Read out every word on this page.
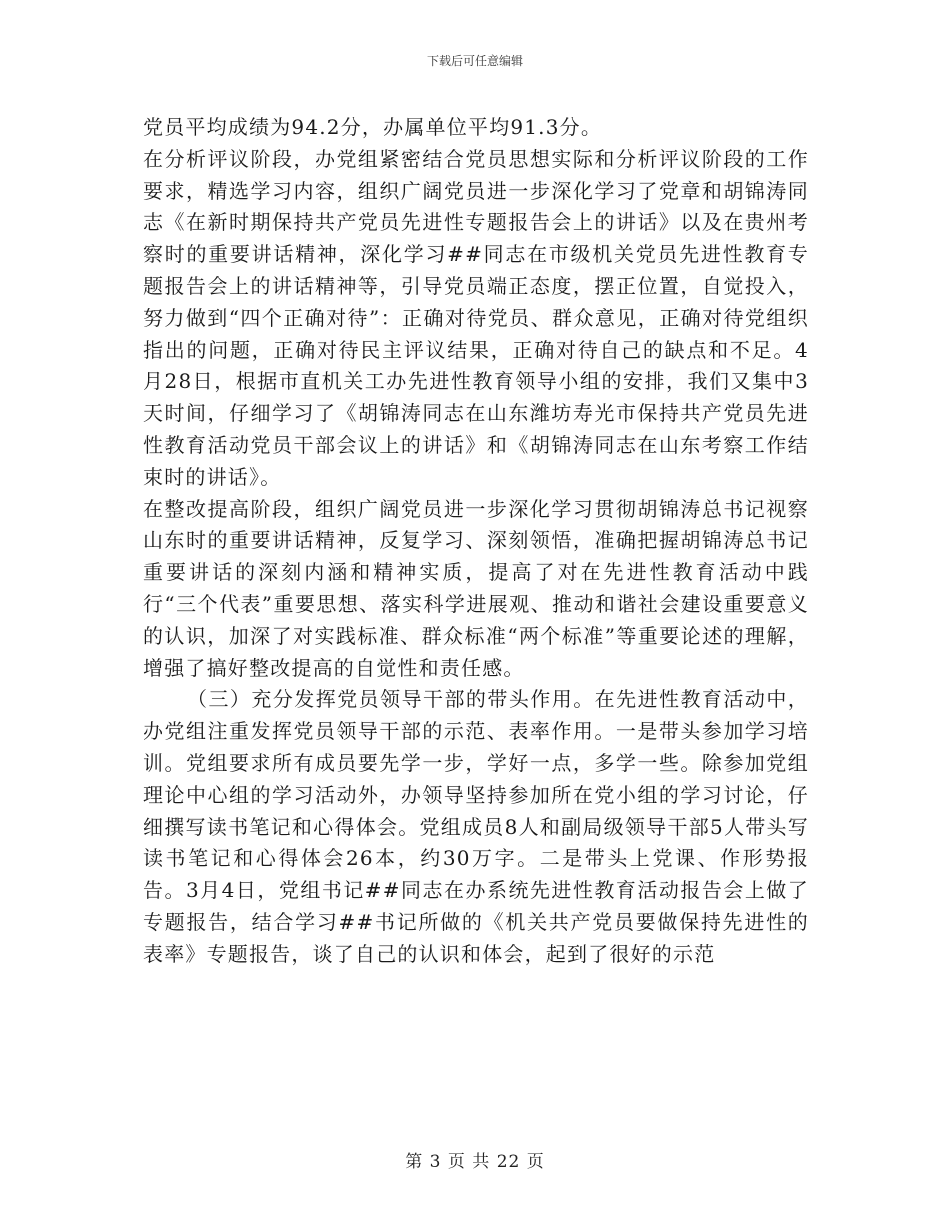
下载后可任意编辑

党员平均成绩为94.2分，办属单位平均91.3分。

在分析评议阶段，办党组紧密结合党员思想实际和分析评议阶段的工作要求，精选学习内容，组织广阔党员进一步深化学习了党章和胡锦涛同志《在新时期保持共产党员先进性专题报告会上的讲话》以及在贵州考察时的重要讲话精神，深化学习##同志在市级机关党员先进性教育专题报告会上的讲话精神等，引导党员端正态度，摆正位置，自觉投入，努力做到“四个正确对待”：正确对待党员、群众意见，正确对待党组织指出的问题，正确对待民主评议结果，正确对待自己的缺点和不足。4月28日，根据市直机关工办先进性教育领导小组的安排，我们又集中3天时间，仔细学习了《胡锦涛同志在山东潍坊寿光市保持共产党员先进性教育活动党员干部会议上的讲话》和《胡锦涛同志在山东考察工作结束时的讲话》。

在整改提高阶段，组织广阔党员进一步深化学习贯彻胡锦涛总书记视察山东时的重要讲话精神，反复学习、深刻领悟，准确把握胡锦涛总书记重要讲话的深刻内涵和精神实质，提高了对在先进性教育活动中践行“三个代表”重要思想、落实科学进展观、推动和谐社会建设重要意义的认识，加深了对实践标准、群众标准“两个标准”等重要论述的理解，增强了搞好整改提高的自觉性和责任感。

（三）充分发挥党员领导干部的带头作用。在先进性教育活动中，办党组注重发挥党员领导干部的示范、表率作用。一是带头参加学习培训。党组要求所有成员要先学一步，学好一点，多学一些。除参加党组理论中心组的学习活动外，办领导坚持参加所在党小组的学习讨论，仔细撰写读书笔记和心得体会。党组成员8人和副局级领导干部5人带头写读书笔记和心得体会26本，约30万字。二是带头上党课、作形势报告。3月4日，党组书记##同志在办系统先进性教育活动报告会上做了专题报告，结合学习##书记所做的《机关共产党员要做保持先进性的表率》专题报告，谈了自己的认识和体会，起到了很好的示范

第 3 页 共 22 页
